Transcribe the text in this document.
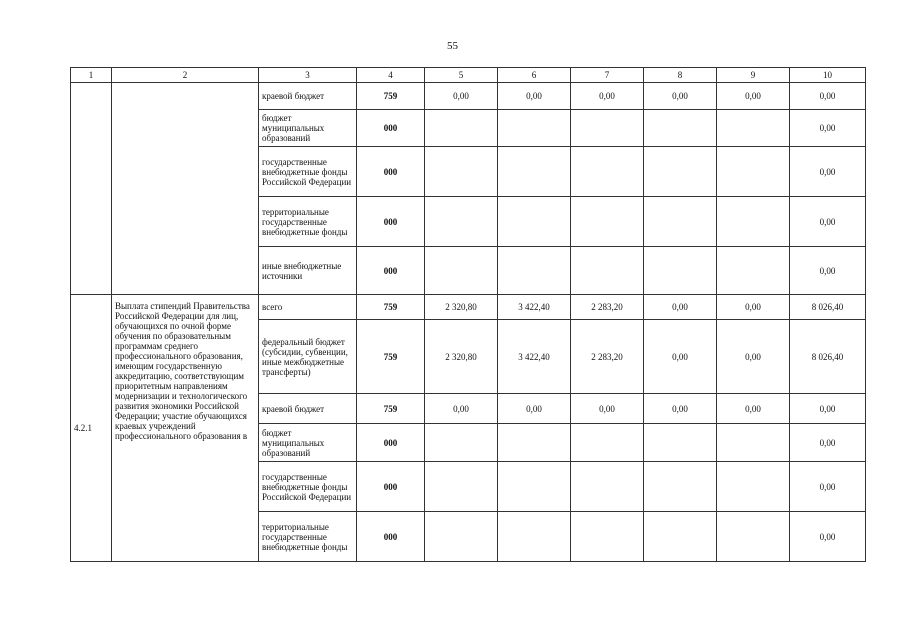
55
1	2	3	4	5	6	7	8	9	10
		краевой бюджет	759	0,00	0,00	0,00	0,00	0,00	0,00
		бюджет муниципальных образований	000						0,00
		государственные внебюджетные фонды Российской Федерации	000						0,00
		территориальные государственные внебюджетные фонды	000						0,00
		иные внебюджетные источники	000						0,00

4.2.1	Выплата стипендий Правительства Российской Федерации для лиц, обучающихся по очной форме обучения по образовательным программам среднего профессионального образования, имеющим государственную аккредитацию, соответствующим приоритетным направлениям модернизации и технологического развития экономики Российской Федерации; участие обучающихся краевых учреждений профессионального образования в	всего	759	2 320,80	3 422,40	2 283,20	0,00	0,00	8 026,40
		федеральный бюджет (субсидии, субвенции, иные межбюджетные трансферты)	759	2 320,80	3 422,40	2 283,20	0,00	0,00	8 026,40
		краевой бюджет	759	0,00	0,00	0,00	0,00	0,00	0,00
		бюджет муниципальных образований	000						0,00
		государственные внебюджетные фонды Российской Федерации	000						0,00
		территориальные государственные внебюджетные фонды	000						0,00
